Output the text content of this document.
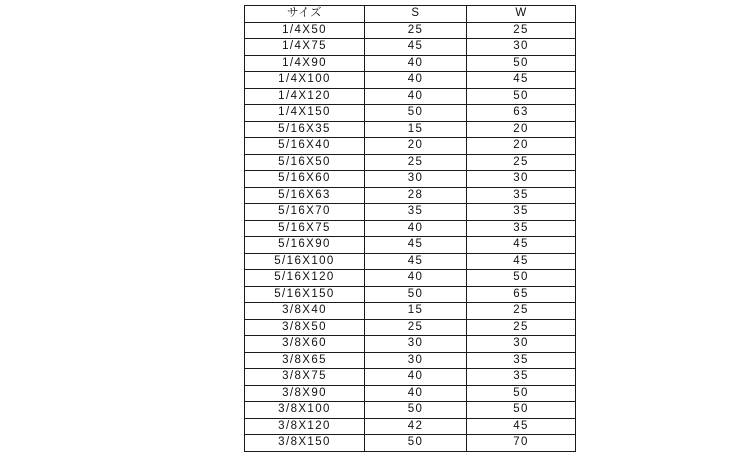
サイズ	S	W
1/4X50	25	25
1/4X75	45	30
1/4X90	40	50
1/4X100	40	45
1/4X120	40	50
1/4X150	50	63
5/16X35	15	20
5/16X40	20	20
5/16X50	25	25
5/16X60	30	30
5/16X63	28	35
5/16X70	35	35
5/16X75	40	35
5/16X90	45	45
5/16X100	45	45
5/16X120	40	50
5/16X150	50	65
3/8X40	15	25
3/8X50	25	25
3/8X60	30	30
3/8X65	30	35
3/8X75	40	35
3/8X90	40	50
3/8X100	50	50
3/8X120	42	45
3/8X150	50	70
